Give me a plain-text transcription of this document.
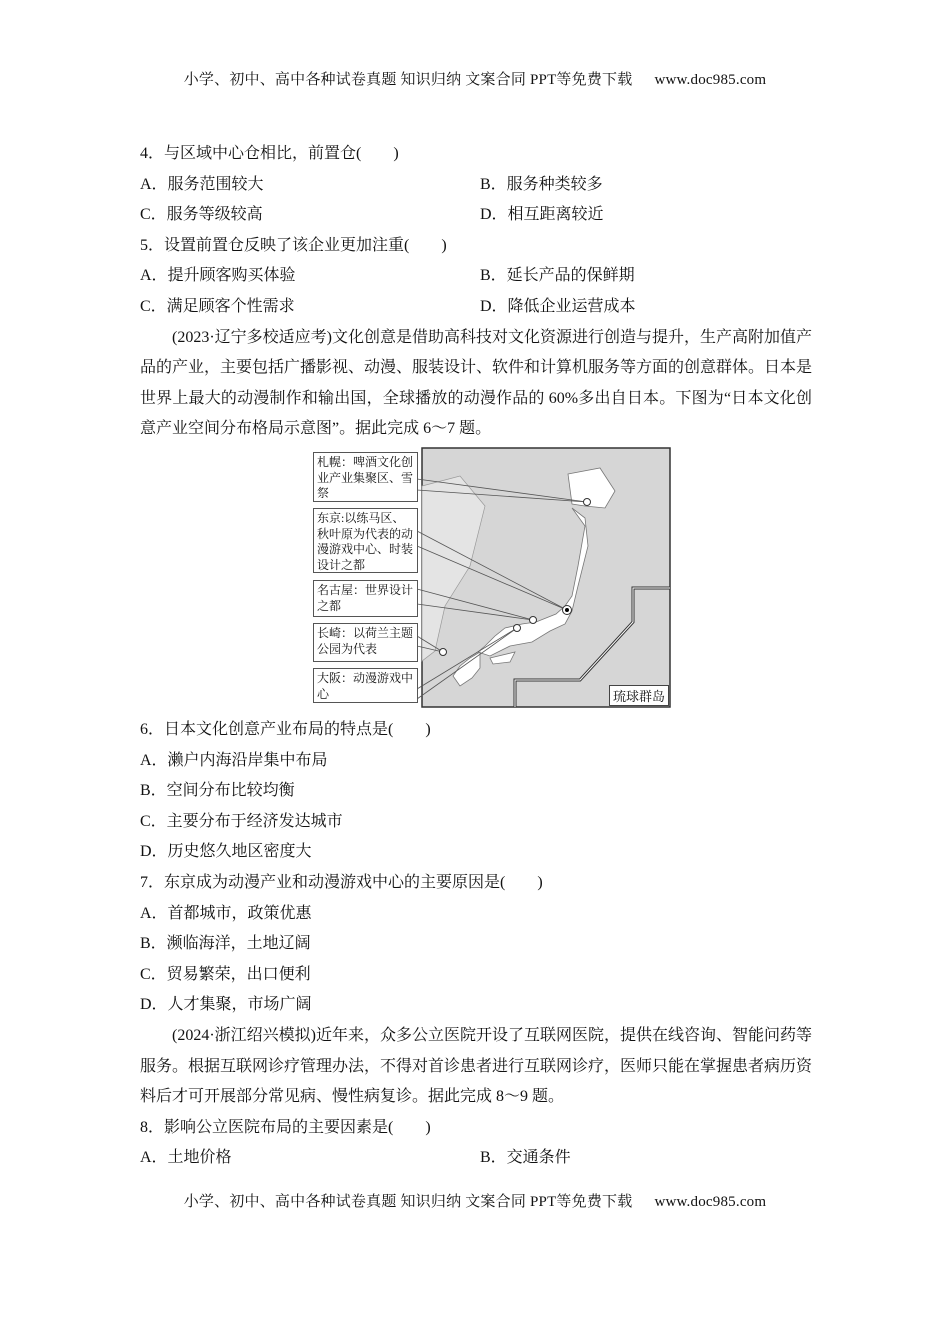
小学、初中、高中各种试卷真题 知识归纳 文案合同 PPT等免费下载 www.doc985.com
4．与区域中心仓相比，前置仓(　　)
A．服务范围较大	B．服务种类较多
C．服务等级较高	D．相互距离较近
5．设置前置仓反映了该企业更加注重(　　)
A．提升顾客购买体验	B．延长产品的保鲜期
C．满足顾客个性需求	D．降低企业运营成本
(2023·辽宁多校适应考)文化创意是借助高科技对文化资源进行创造与提升，生产高附加值产品的产业，主要包括广播影视、动漫、服装设计、软件和计算机服务等方面的创意群体。日本是世界上最大的动漫制作和输出国，全球播放的动漫作品的 60%多出自日本。下图为“日本文化创意产业空间分布格局示意图”。据此完成 6～7 题。
札幌：啤酒文化创业产业集聚区、雪祭
东京:以练马区、秋叶原为代表的动漫游戏中心、时装设计之都
名古屋：世界设计之都
长崎：以荷兰主题公园为代表
大阪：动漫游戏中心	琉球群岛
6．日本文化创意产业布局的特点是(　　)
A．濑户内海沿岸集中布局
B．空间分布比较均衡
C．主要分布于经济发达城市
D．历史悠久地区密度大
7．东京成为动漫产业和动漫游戏中心的主要原因是(　　)
A．首都城市，政策优惠
B．濒临海洋，土地辽阔
C．贸易繁荣，出口便利
D．人才集聚，市场广阔
(2024·浙江绍兴模拟)近年来，众多公立医院开设了互联网医院，提供在线咨询、智能问药等服务。根据互联网诊疗管理办法，不得对首诊患者进行互联网诊疗，医师只能在掌握患者病历资料后才可开展部分常见病、慢性病复诊。据此完成 8～9 题。
8．影响公立医院布局的主要因素是(　　)
A．土地价格	B．交通条件
小学、初中、高中各种试卷真题 知识归纳 文案合同 PPT等免费下载 www.doc985.com
